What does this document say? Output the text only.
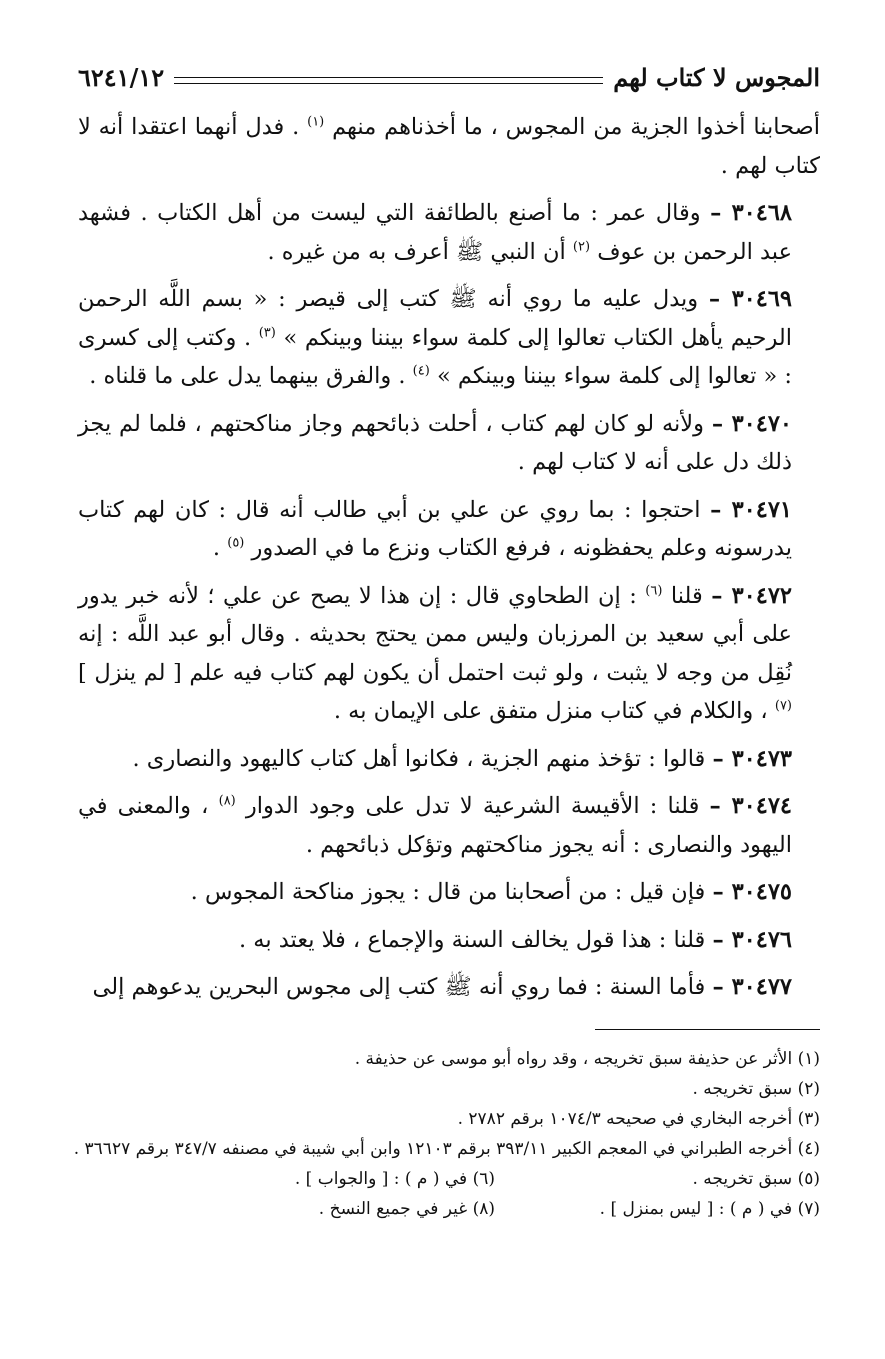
المجوس لا كتاب لهم
٦٢٤١/١٢

أصحابنا أخذوا الجزية من المجوس ، ما أخذناهم منهم $^{(١)}$ . فدل أنهما اعتقدا أنه لا كتاب لهم .

٣٠٤٦٨ – وقال عمر : ما أصنع بالطائفة التي ليست من أهل الكتاب . فشهد عبد الرحمن بن عوف $^{(٢)}$ أن النبي ﷺ أعرف به من غيره .

٣٠٤٦٩ – ويدل عليه ما روي أنه ﷺ كتب إلى قيصر : « بسم اللَّه الرحمن الرحيم يأهل الكتاب تعالوا إلى كلمة سواء بيننا وبينكم » $^{(٣)}$ . وكتب إلى كسرى : « تعالوا إلى كلمة سواء بيننا وبينكم » $^{(٤)}$ . والفرق بينهما يدل على ما قلناه .

٣٠٤٧٠ – ولأنه لو كان لهم كتاب ، أحلت ذبائحهم وجاز مناكحتهم ، فلما لم يجز ذلك دل على أنه لا كتاب لهم .

٣٠٤٧١ – احتجوا : بما روي عن علي بن أبي طالب أنه قال : كان لهم كتاب يدرسونه وعلم يحفظونه ، فرفع الكتاب ونزع ما في الصدور $^{(٥)}$ .

٣٠٤٧٢ – قلنا $^{(٦)}$ : إن الطحاوي قال : إن هذا لا يصح عن علي ؛ لأنه خبر يدور على أبي سعيد بن المرزبان وليس ممن يحتج بحديثه . وقال أبو عبد اللَّه : إنه نُقِل من وجه لا يثبت ، ولو ثبت احتمل أن يكون لهم كتاب فيه علم [ لم ينزل ] $^{(٧)}$ ، والكلام في كتاب منزل متفق على الإيمان به .

٣٠٤٧٣ – قالوا : تؤخذ منهم الجزية ، فكانوا أهل كتاب كاليهود والنصارى .

٣٠٤٧٤ – قلنا : الأقيسة الشرعية لا تدل على وجود الدوار $^{(٨)}$ ، والمعنى في اليهود والنصارى : أنه يجوز مناكحتهم وتؤكل ذبائحهم .

٣٠٤٧٥ – فإن قيل : من أصحابنا من قال : يجوز مناكحة المجوس .

٣٠٤٧٦ – قلنا : هذا قول يخالف السنة والإجماع ، فلا يعتد به .

٣٠٤٧٧ – فأما السنة : فما روي أنه ﷺ كتب إلى مجوس البحرين يدعوهم إلى

(١) الأثر عن حذيفة سبق تخريجه ، وقد رواه أبو موسى عن حذيفة .
(٢) سبق تخريجه .
(٣) أخرجه البخاري في صحيحه ١٠٧٤/٣ برقم ٢٧٨٢ .
(٤) أخرجه الطبراني في المعجم الكبير ٣٩٣/١١ برقم ١٢١٠٣ وابن أبي شيبة في مصنفه ٣٤٧/٧ برقم ٣٦٦٢٧ .
(٥) سبق تخريجه .
(٦) في ( م ) : [ والجواب ] .
(٧) في ( م ) : [ ليس بمنزل ] .
(٨) غير في جميع النسخ .
